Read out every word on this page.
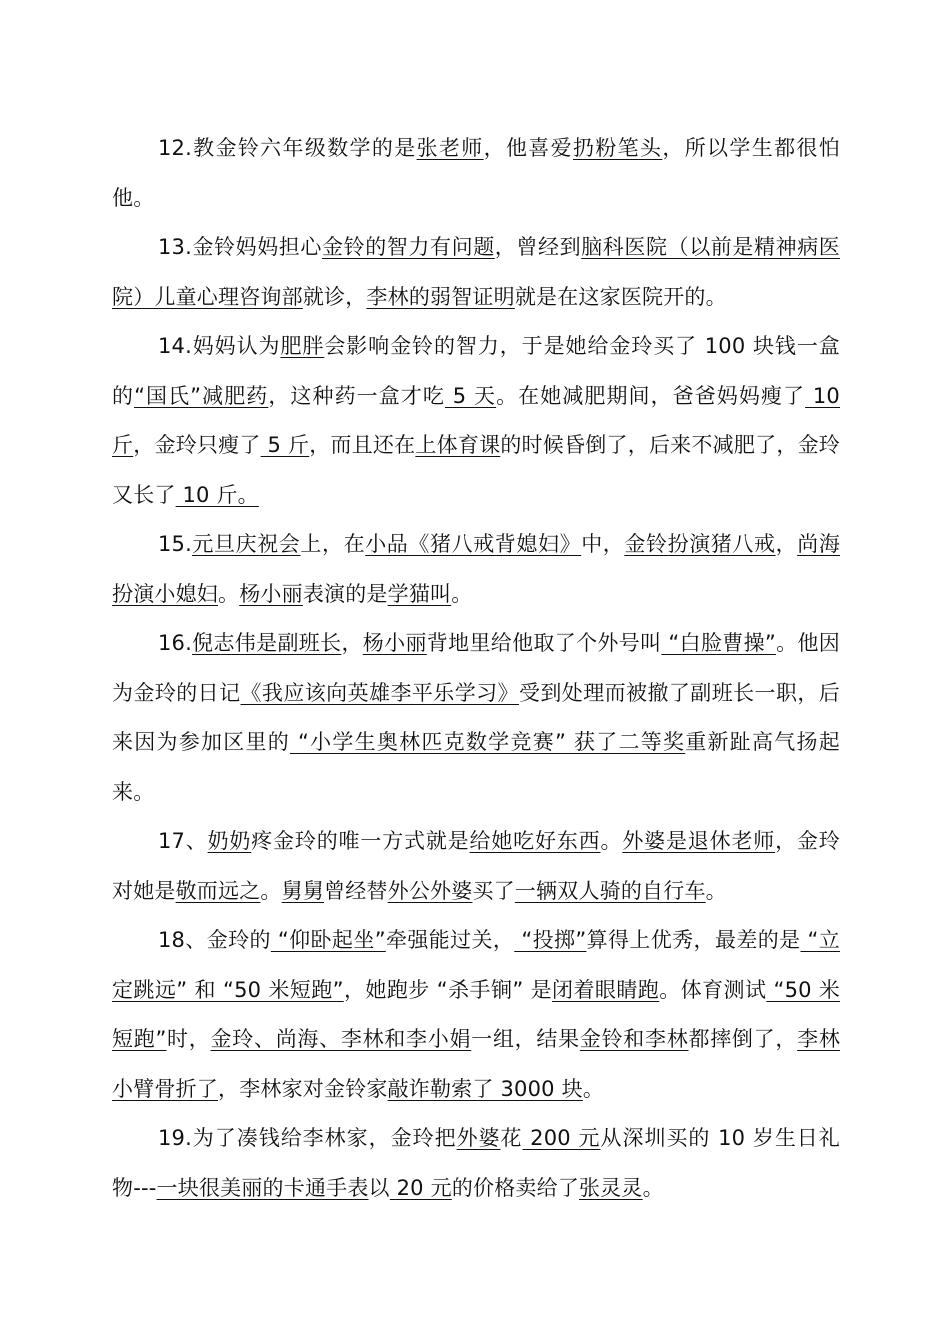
12.教金铃六年级数学的是张老师，他喜爱扔粉笔头，所以学生都很怕他。

13.金铃妈妈担心金铃的智力有问题，曾经到脑科医院（以前是精神病医院）儿童心理咨询部就诊，李林的弱智证明就是在这家医院开的。

14.妈妈认为肥胖会影响金铃的智力，于是她给金玲买了 100 块钱一盒的“国氏”减肥药，这种药一盒才吃 5 天。在她减肥期间，爸爸妈妈瘦了 10 斤，金玲只瘦了 5 斤，而且还在上体育课的时候昏倒了，后来不减肥了，金玲又长了 10 斤。

15.元旦庆祝会上，在小品《猪八戒背媳妇》中，金铃扮演猪八戒，尚海扮演小媳妇。杨小丽表演的是学猫叫。

16.倪志伟是副班长，杨小丽背地里给他取了个外号叫 “白脸曹操”。他因为金玲的日记《我应该向英雄李平乐学习》受到处理而被撤了副班长一职，后来因为参加区里的 “小学生奥林匹克数学竞赛” 获了二等奖重新趾高气扬起来。

17、奶奶疼金玲的唯一方式就是给她吃好东西。外婆是退休老师，金玲对她是敬而远之。舅舅曾经替外公外婆买了一辆双人骑的自行车。

18、金玲的 “仰卧起坐”牵强能过关， “投掷”算得上优秀，最差的是 “立定跳远” 和 “50 米短跑”，她跑步 “杀手锏” 是闭着眼睛跑。体育测试 “50 米短跑”时，金玲、尚海、李林和李小娟一组，结果金铃和李林都摔倒了，李林小臂骨折了，李林家对金铃家敲诈勒索了 3000 块。

19.为了凑钱给李林家，金玲把外婆花 200 元从深圳买的 10 岁生日礼物---一块很美丽的卡通手表以 20 元的价格卖给了张灵灵。
